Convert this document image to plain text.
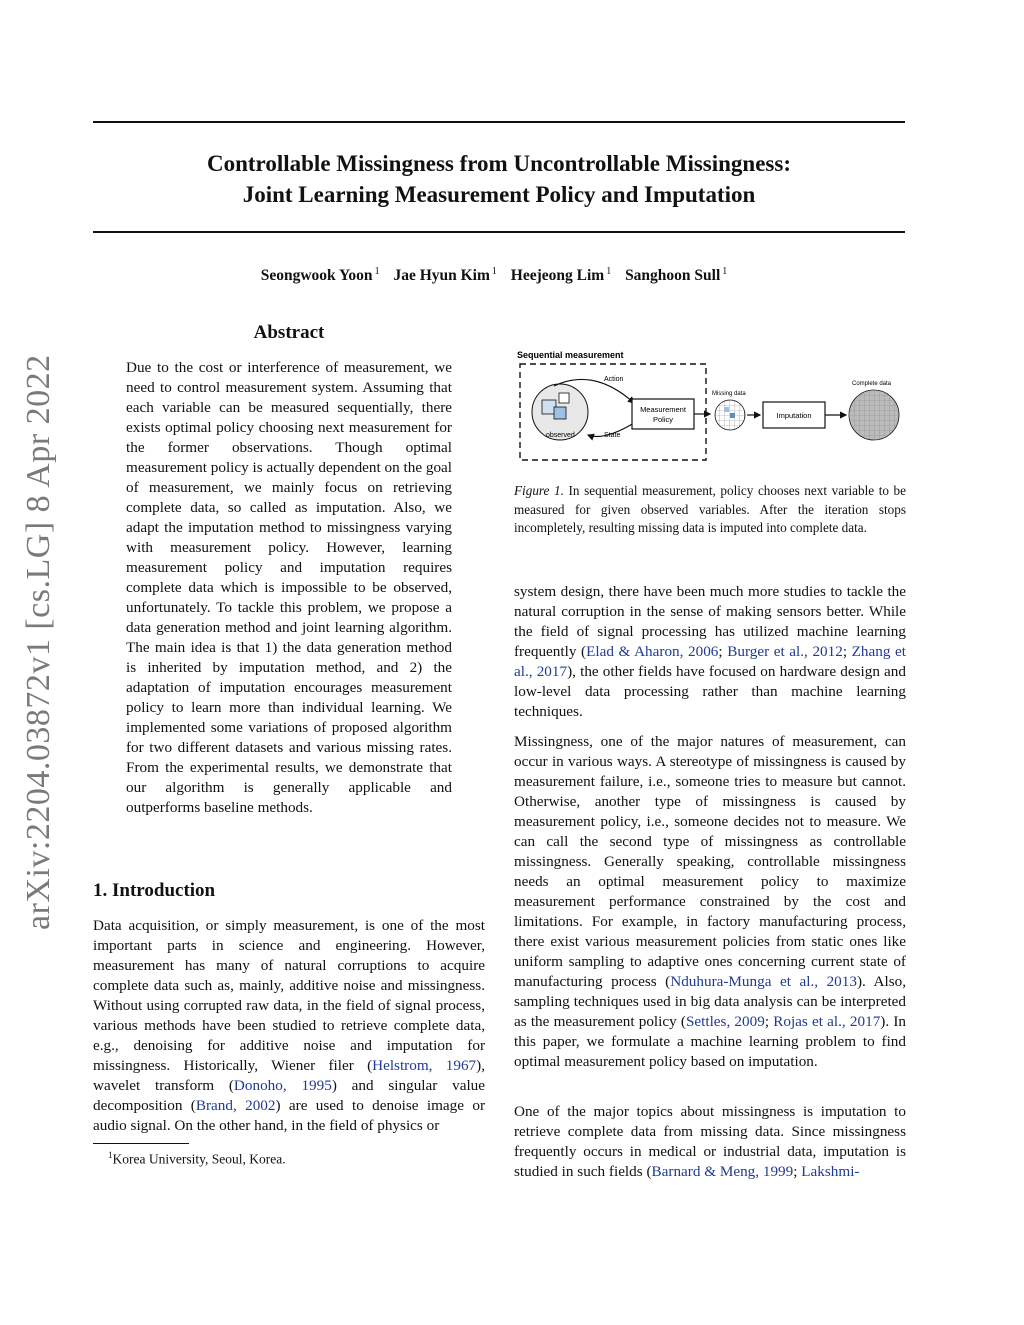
arXiv:2204.03872v1 [cs.LG] 8 Apr 2022
Controllable Missingness from Uncontrollable Missingness:
Joint Learning Measurement Policy and Imputation
Seongwook Yoon $^1$ Jae Hyun Kim $^1$ Heejeong Lim $^1$ Sanghoon Sull $^1$
Abstract

Due to the cost or interference of measurement, we need to control measurement system. Assuming that each variable can be measured sequentially, there exists optimal policy choosing next measurement for the former observations. Though optimal measurement policy is actually dependent on the goal of measurement, we mainly focus on retrieving complete data, so called as imputation. Also, we adapt the imputation method to missingness varying with measurement policy. However, learning measurement policy and imputation requires complete data which is impossible to be observed, unfortunately. To tackle this problem, we propose a data generation method and joint learning algorithm. The main idea is that 1) the data generation method is inherited by imputation method, and 2) the adaptation of imputation encourages measurement policy to learn more than individual learning. We implemented some variations of proposed algorithm for two different datasets and various missing rates. From the experimental results, we demonstrate that our algorithm is generally applicable and outperforms baseline methods.

1. Introduction

Data acquisition, or simply measurement, is one of the most important parts in science and engineering. However, measurement has many of natural corruptions to acquire complete data such as, mainly, additive noise and missingness. Without using corrupted raw data, in the field of signal process, various methods have been studied to retrieve complete data, e.g., denoising for additive noise and imputation for missingness. Historically, Wiener filer (Helstrom, 1967), wavelet transform (Donoho, 1995) and singular value decomposition (Brand, 2002) are used to denoise image or audio signal. On the other hand, in the field of physics or

$^1$Korea University, Seoul, Korea.
Sequential measurement
observed
Action
State
Measurement
Policy
Missing data
Imputation
Complete data

Figure 1. In sequential measurement, policy chooses next variable to be measured for given observed variables. After the iteration stops incompletely, resulting missing data is imputed into complete data.

system design, there have been much more studies to tackle the natural corruption in the sense of making sensors better. While the field of signal processing has utilized machine learning frequently (Elad & Aharon, 2006; Burger et al., 2012; Zhang et al., 2017), the other fields have focused on hardware design and low-level data processing rather than machine learning techniques.

Missingness, one of the major natures of measurement, can occur in various ways. A stereotype of missingness is caused by measurement failure, i.e., someone tries to measure but cannot. Otherwise, another type of missingness is caused by measurement policy, i.e., someone decides not to measure. We can call the second type of missingness as controllable missingness. Generally speaking, controllable missingness needs an optimal measurement policy to maximize measurement performance constrained by the cost and limitations. For example, in factory manufacturing process, there exist various measurement policies from static ones like uniform sampling to adaptive ones concerning current state of manufacturing process (Nduhura-Munga et al., 2013). Also, sampling techniques used in big data analysis can be interpreted as the measurement policy (Settles, 2009; Rojas et al., 2017). In this paper, we formulate a machine learning problem to find optimal measurement policy based on imputation.

One of the major topics about missingness is imputation to retrieve complete data from missing data. Since missingness frequently occurs in medical or industrial data, imputation is studied in such fields (Barnard & Meng, 1999; Lakshmi-
